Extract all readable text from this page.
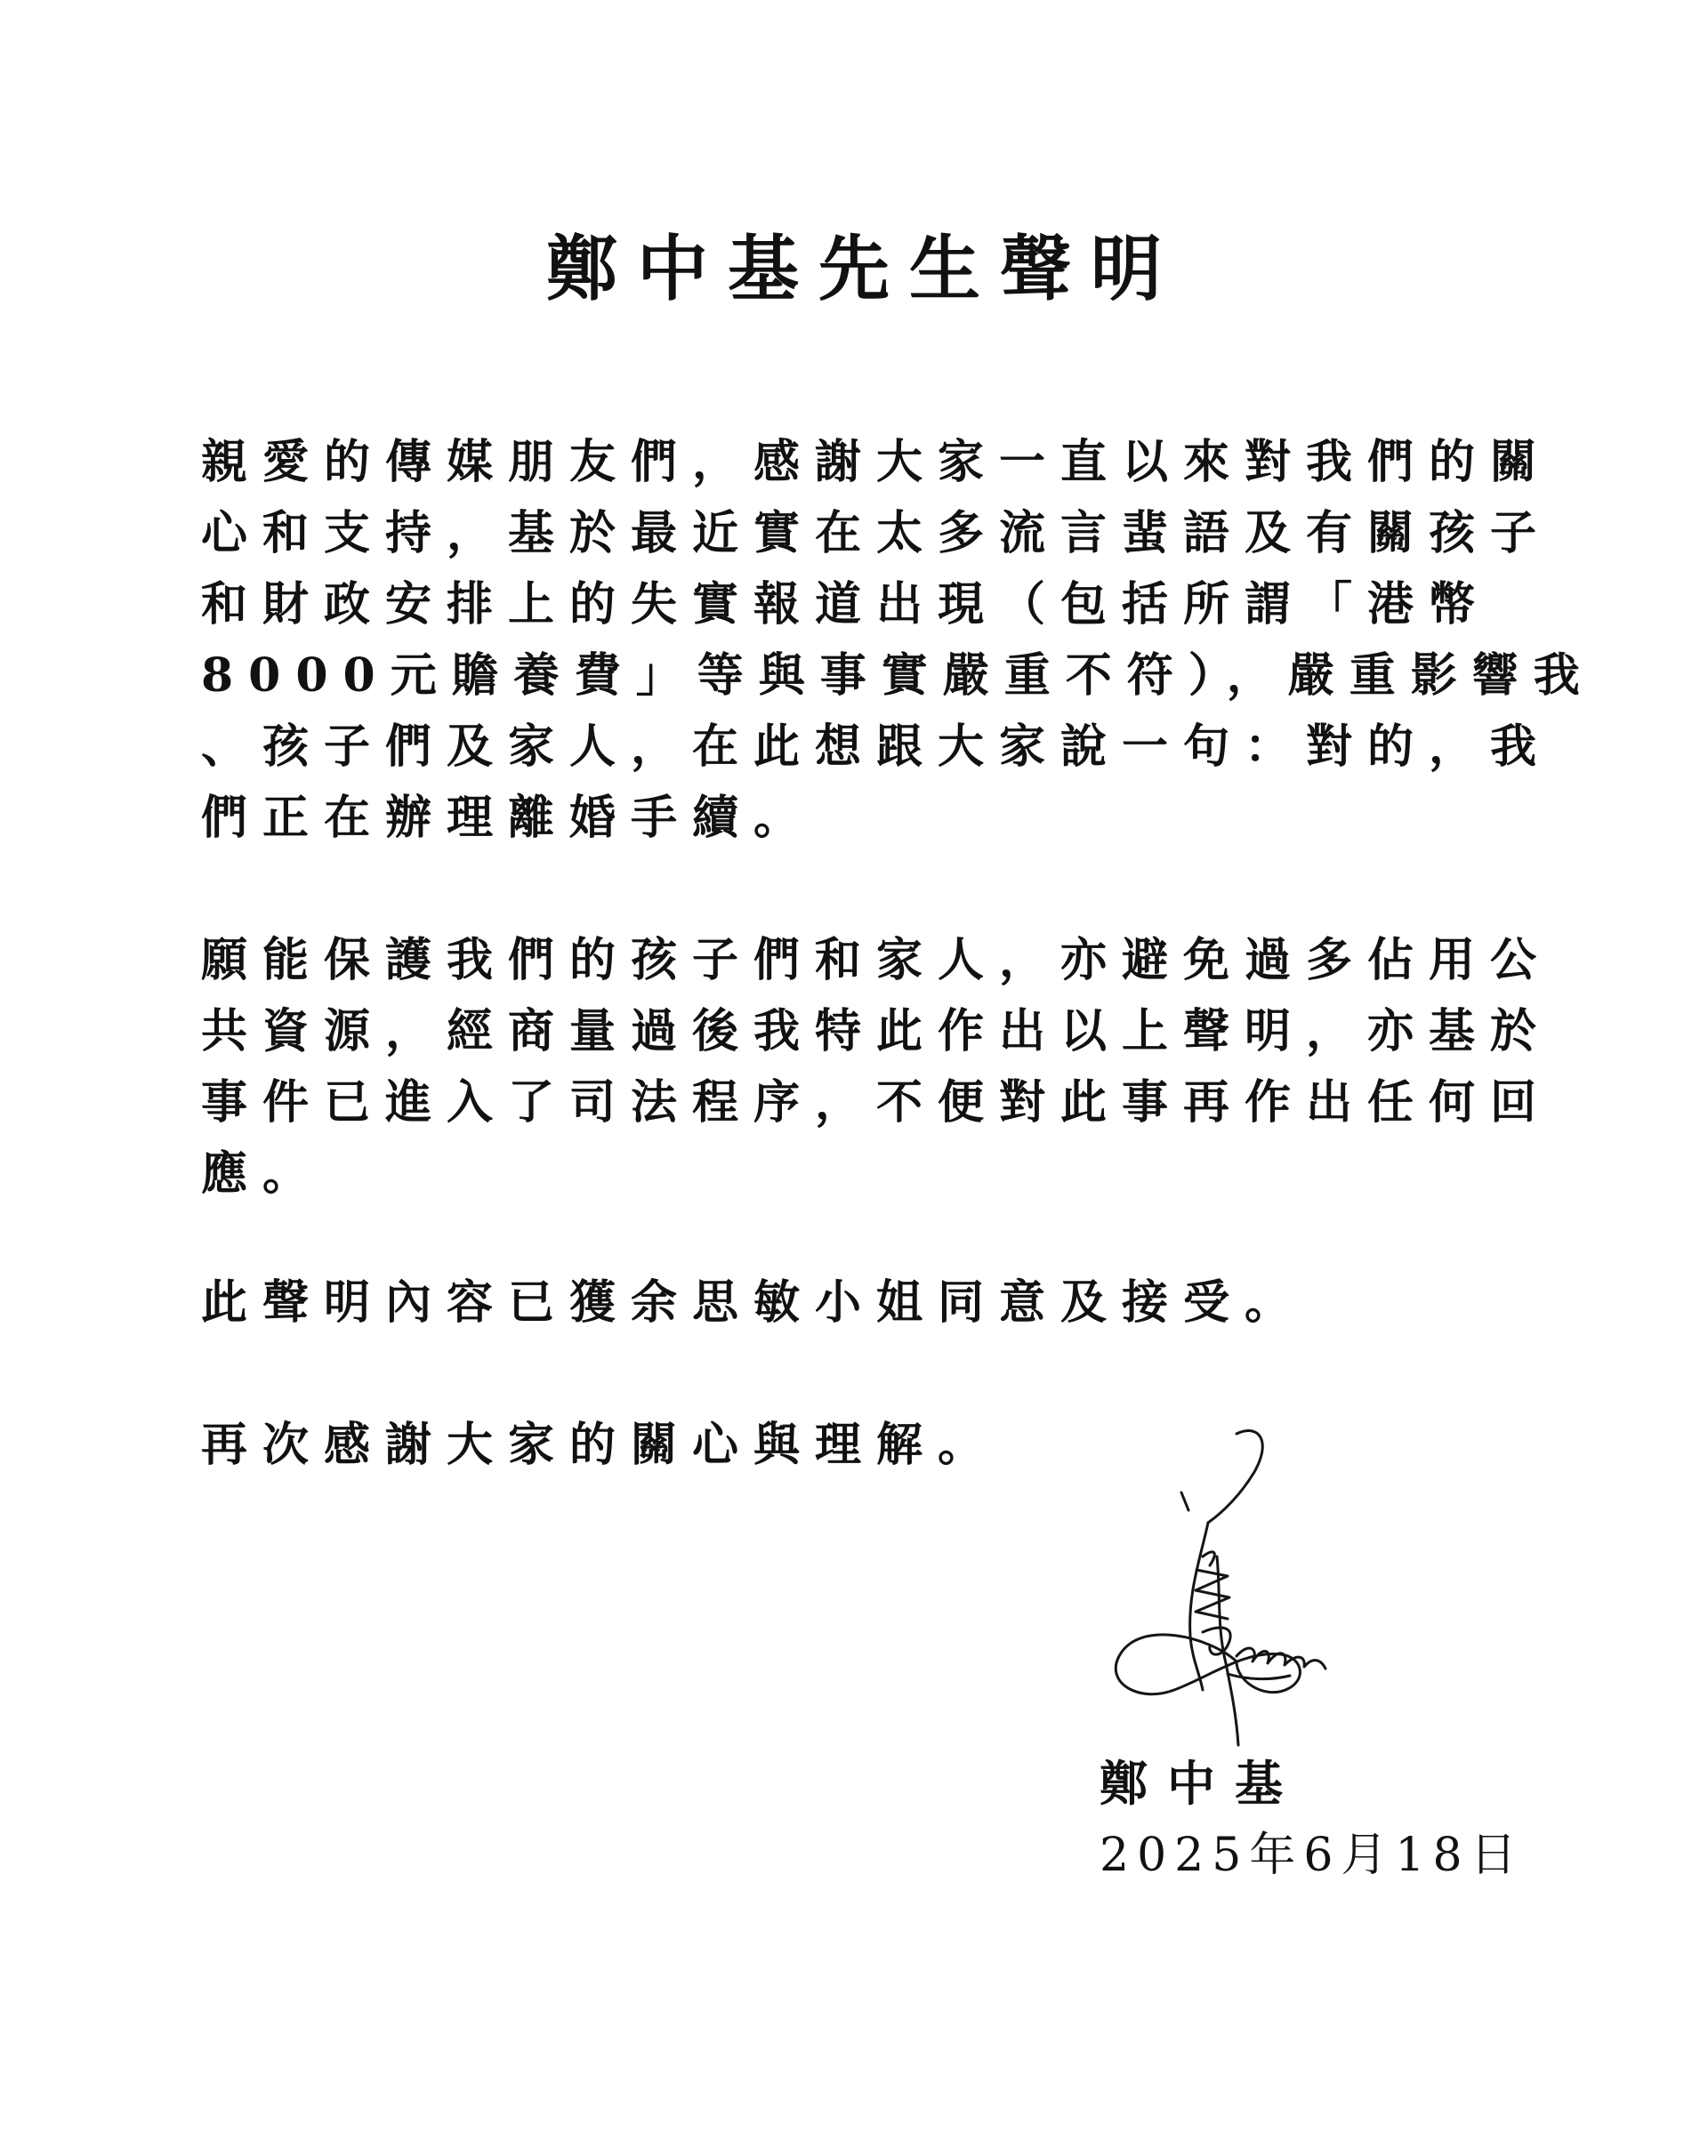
鄭中基先生聲明

親愛的傳媒朋友們，感謝大家一直以來對我們的關
心和支持，基於最近實在太多流言蜚語及有關孩子
和財政安排上的失實報道出現（包括所謂「港幣
8000元贍養費」等與事實嚴重不符），嚴重影響我
、孩子們及家人，在此想跟大家說一句：對的，我
們正在辦理離婚手續。

願能保護我們的孩子們和家人，亦避免過多佔用公
共資源，經商量過後我特此作出以上聲明，亦基於
事件已進入了司法程序，不便對此事再作出任何回
應。

此聲明內容已獲余思敏小姐同意及接受。

再次感謝大家的關心與理解。

鄭中基
2025年6月18日
